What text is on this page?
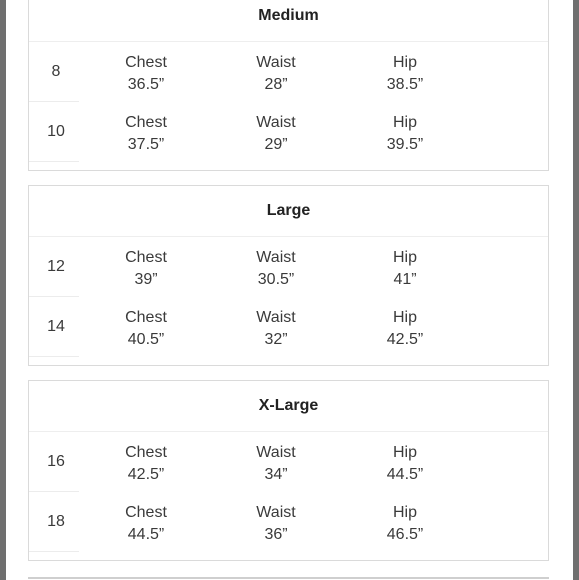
Medium
8
Chest
36.5”
Waist
28”
Hip
38.5”
10
Chest
37.5”
Waist
29”
Hip
39.5”
Large
12
Chest
39”
Waist
30.5”
Hip
41”
14
Chest
40.5”
Waist
32”
Hip
42.5”
X-Large
16
Chest
42.5”
Waist
34”
Hip
44.5”
18
Chest
44.5”
Waist
36”
Hip
46.5”
